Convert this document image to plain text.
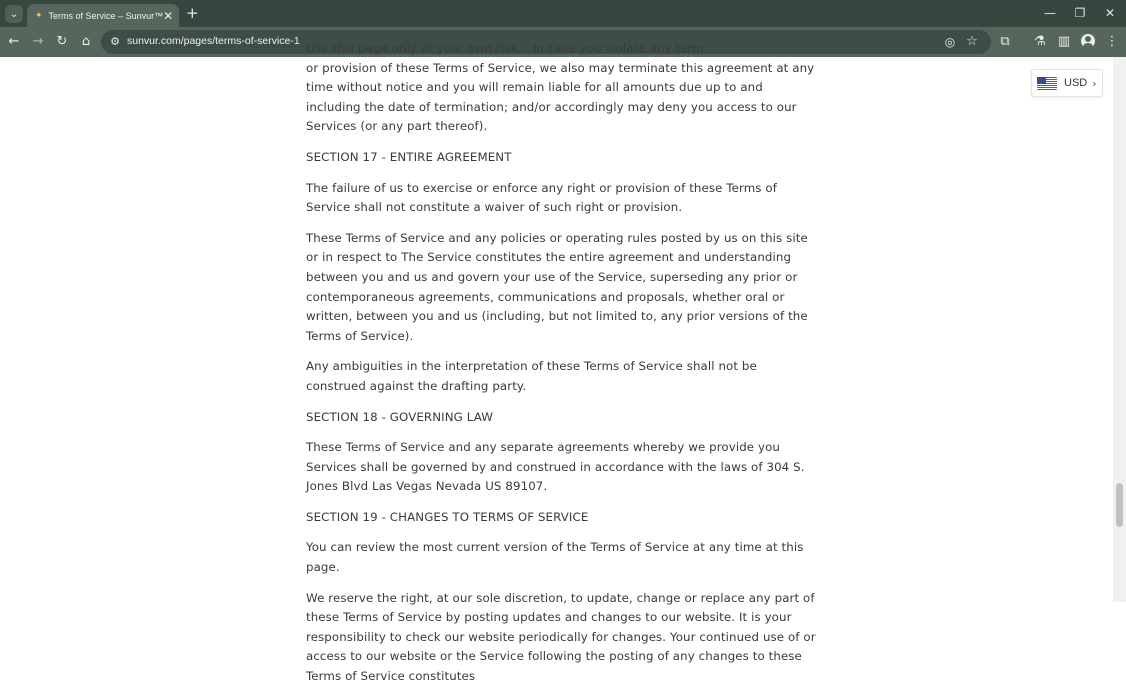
⌄	✦ Terms of Service – Sunvur™ ✕ +	— ❐ ✕
← → ↻ ⌂	⚙ sunvur.com/pages/terms-of-service-1	◎ ☆ ⧉ ⚗ ▥	⋮

Use this page only at your own risk... In case you violate any term

or provision of these Terms of Service, we also may terminate this agreement at any time without notice and you will remain liable for all amounts due up to and including the date of termination; and/or accordingly may deny you access to our Services (or any part thereof).

SECTION 17 - ENTIRE AGREEMENT

The failure of us to exercise or enforce any right or provision of these Terms of Service shall not constitute a waiver of such right or provision.

These Terms of Service and any policies or operating rules posted by us on this site or in respect to The Service constitutes the entire agreement and understanding between you and us and govern your use of the Service, superseding any prior or contemporaneous agreements, communications and proposals, whether oral or written, between you and us (including, but not limited to, any prior versions of the Terms of Service).

Any ambiguities in the interpretation of these Terms of Service shall not be construed against the drafting party.

SECTION 18 - GOVERNING LAW

These Terms of Service and any separate agreements whereby we provide you Services shall be governed by and construed in accordance with the laws of 304 S. Jones Blvd Las Vegas Nevada US 89107.

SECTION 19 - CHANGES TO TERMS OF SERVICE

You can review the most current version of the Terms of Service at any time at this page.

We reserve the right, at our sole discretion, to update, change or replace any part of these Terms of Service by posting updates and changes to our website. It is your responsibility to check our website periodically for changes. Your continued use of or access to our website or the Service following the posting of any changes to these Terms of Service constitutes

USD ›
